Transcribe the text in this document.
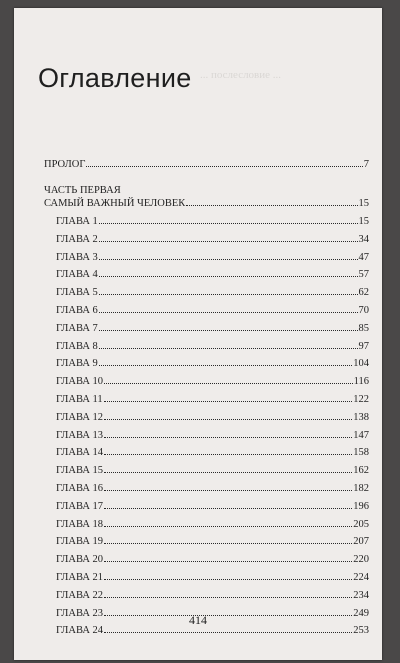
... послесловие ...
Оглавление
ПРОЛОГ	7
ЧАСТЬ ПЕРВАЯ
САМЫЙ ВАЖНЫЙ ЧЕЛОВЕК	15
ГЛАВА 1	15
ГЛАВА 2	34
ГЛАВА 3	47
ГЛАВА 4	57
ГЛАВА 5	62
ГЛАВА 6	70
ГЛАВА 7	85
ГЛАВА 8	97
ГЛАВА 9	104
ГЛАВА 10	116
ГЛАВА 11	122
ГЛАВА 12	138
ГЛАВА 13	147
ГЛАВА 14	158
ГЛАВА 15	162
ГЛАВА 16	182
ГЛАВА 17	196
ГЛАВА 18	205
ГЛАВА 19	207
ГЛАВА 20	220
ГЛАВА 21	224
ГЛАВА 22	234
ГЛАВА 23	249
ГЛАВА 24	253
414
